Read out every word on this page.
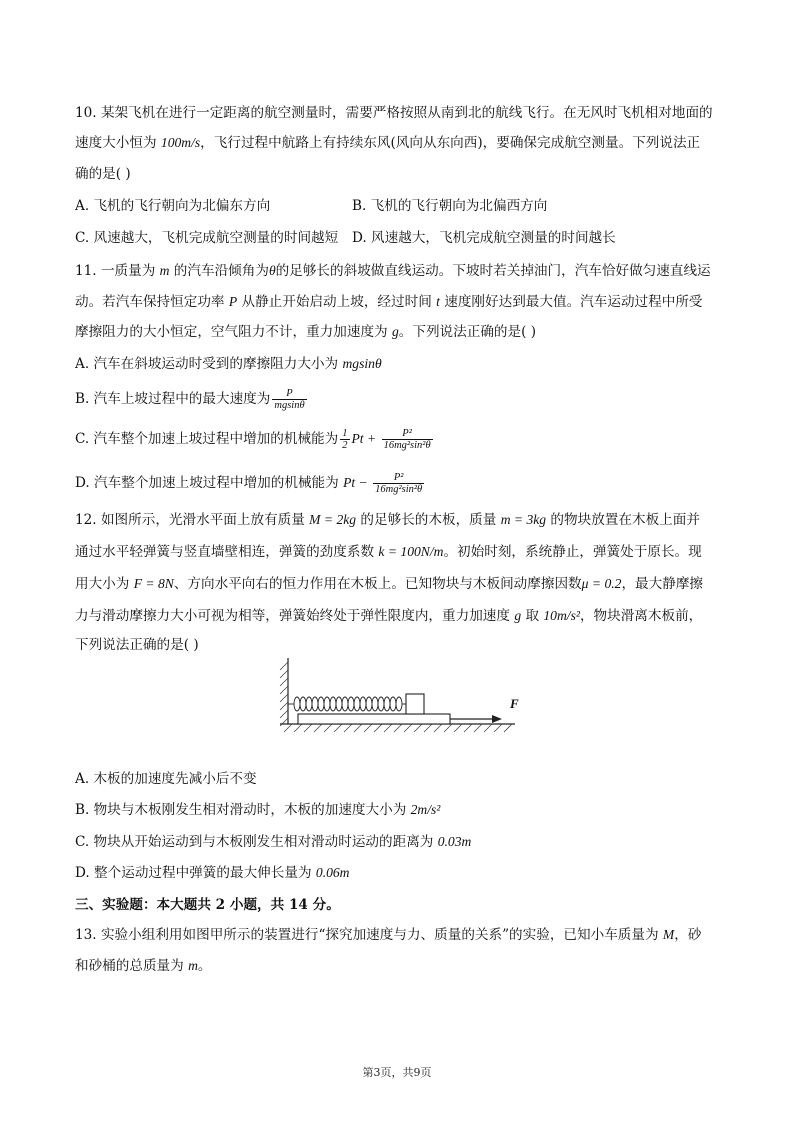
10. 某架飞机在进行一定距离的航空测量时，需要严格按照从南到北的航线飞行。在无风时飞机相对地面的
速度大小恒为 100m/s，飞行过程中航路上有持续东风(风向从东向西)，要确保完成航空测量。下列说法正
确的是( )
A. 飞机的飞行朝向为北偏东方向	B. 飞机的飞行朝向为北偏西方向
C. 风速越大，飞机完成航空测量的时间越短 D. 风速越大，飞机完成航空测量的时间越长
11. 一质量为 m 的汽车沿倾角为θ的足够长的斜坡做直线运动。下坡时若关掉油门，汽车恰好做匀速直线运
动。若汽车保持恒定功率 P 从静止开始启动上坡，经过时间 t 速度刚好达到最大值。汽车运动过程中所受
摩擦阻力的大小恒定，空气阻力不计，重力加速度为 g。下列说法正确的是( )
A. 汽车在斜坡运动时受到的摩擦阻力大小为 mgsinθ
B. 汽车上坡过程中的最大速度为 $\frac{P}{mgsin\theta}$
C. 汽车整个加速上坡过程中增加的机械能为 $\frac{1}{2}$ $Pt + \frac{\text{P²}}{\text{16mg²sin²θ}}$
D. 汽车整个加速上坡过程中增加的机械能为 $Pt - \frac{\text{P²}}{\text{16mg²sin²θ}}$
12. 如图所示，光滑水平面上放有质量 M = 2kg 的足够长的木板，质量 m = 3kg 的物块放置在木板上面并
通过水平轻弹簧与竖直墙壁相连，弹簧的劲度系数 k = 100N/m。初始时刻，系统静止，弹簧处于原长。现
用大小为 F = 8N、方向水平向右的恒力作用在木板上。已知物块与木板间动摩擦因数μ = 0.2，最大静摩擦
力与滑动摩擦力大小可视为相等，弹簧始终处于弹性限度内，重力加速度 g 取 10m/s²，物块滑离木板前，
下列说法正确的是( )
F
A. 木板的加速度先减小后不变
B. 物块与木板刚发生相对滑动时，木板的加速度大小为 2m/s²
C. 物块从开始运动到与木板刚发生相对滑动时运动的距离为 0.03m
D. 整个运动过程中弹簧的最大伸长量为 0.06m
三、实验题：本大题共 2 小题，共 14 分。
13. 实验小组利用如图甲所示的装置进行“探究加速度与力、质量的关系”的实验，已知小车质量为 M，砂
和砂桶的总质量为 m。
第3页，共9页
